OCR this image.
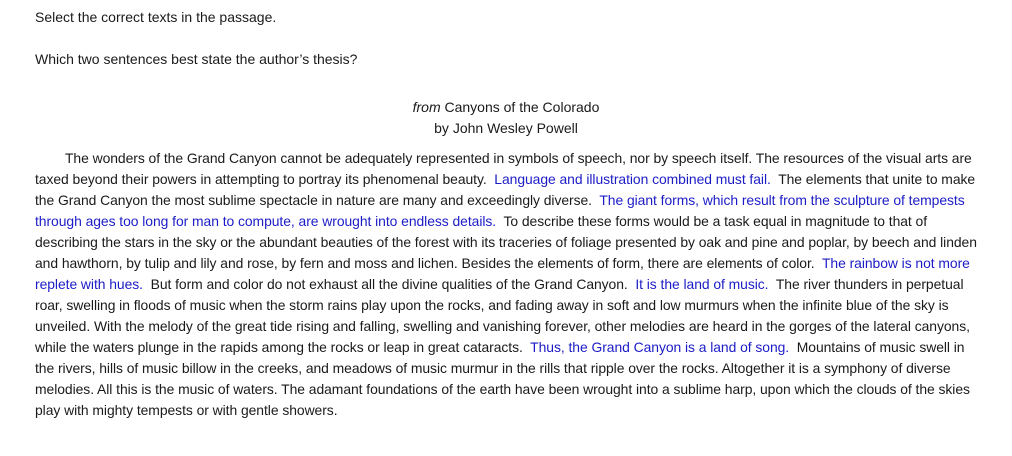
Select the correct texts in the passage.

Which two sentences best state the author’s thesis?

from Canyons of the Colorado
by John Wesley Powell

The wonders of the Grand Canyon cannot be adequately represented in symbols of speech, nor by speech itself. The resources of the visual arts are taxed beyond their powers in attempting to portray its phenomenal beauty. Language and illustration combined must fail. The elements that unite to make the Grand Canyon the most sublime spectacle in nature are many and exceedingly diverse. The giant forms, which result from the sculpture of tempests through ages too long for man to compute, are wrought into endless details. To describe these forms would be a task equal in magnitude to that of describing the stars in the sky or the abundant beauties of the forest with its traceries of foliage presented by oak and pine and poplar, by beech and linden and hawthorn, by tulip and lily and rose, by fern and moss and lichen. Besides the elements of form, there are elements of color. The rainbow is not more replete with hues. But form and color do not exhaust all the divine qualities of the Grand Canyon. It is the land of music. The river thunders in perpetual roar, swelling in floods of music when the storm rains play upon the rocks, and fading away in soft and low murmurs when the infinite blue of the sky is unveiled. With the melody of the great tide rising and falling, swelling and vanishing forever, other melodies are heard in the gorges of the lateral canyons, while the waters plunge in the rapids among the rocks or leap in great cataracts. Thus, the Grand Canyon is a land of song. Mountains of music swell in the rivers, hills of music billow in the creeks, and meadows of music murmur in the rills that ripple over the rocks. Altogether it is a symphony of diverse melodies. All this is the music of waters. The adamant foundations of the earth have been wrought into a sublime harp, upon which the clouds of the skies play with mighty tempests or with gentle showers.
